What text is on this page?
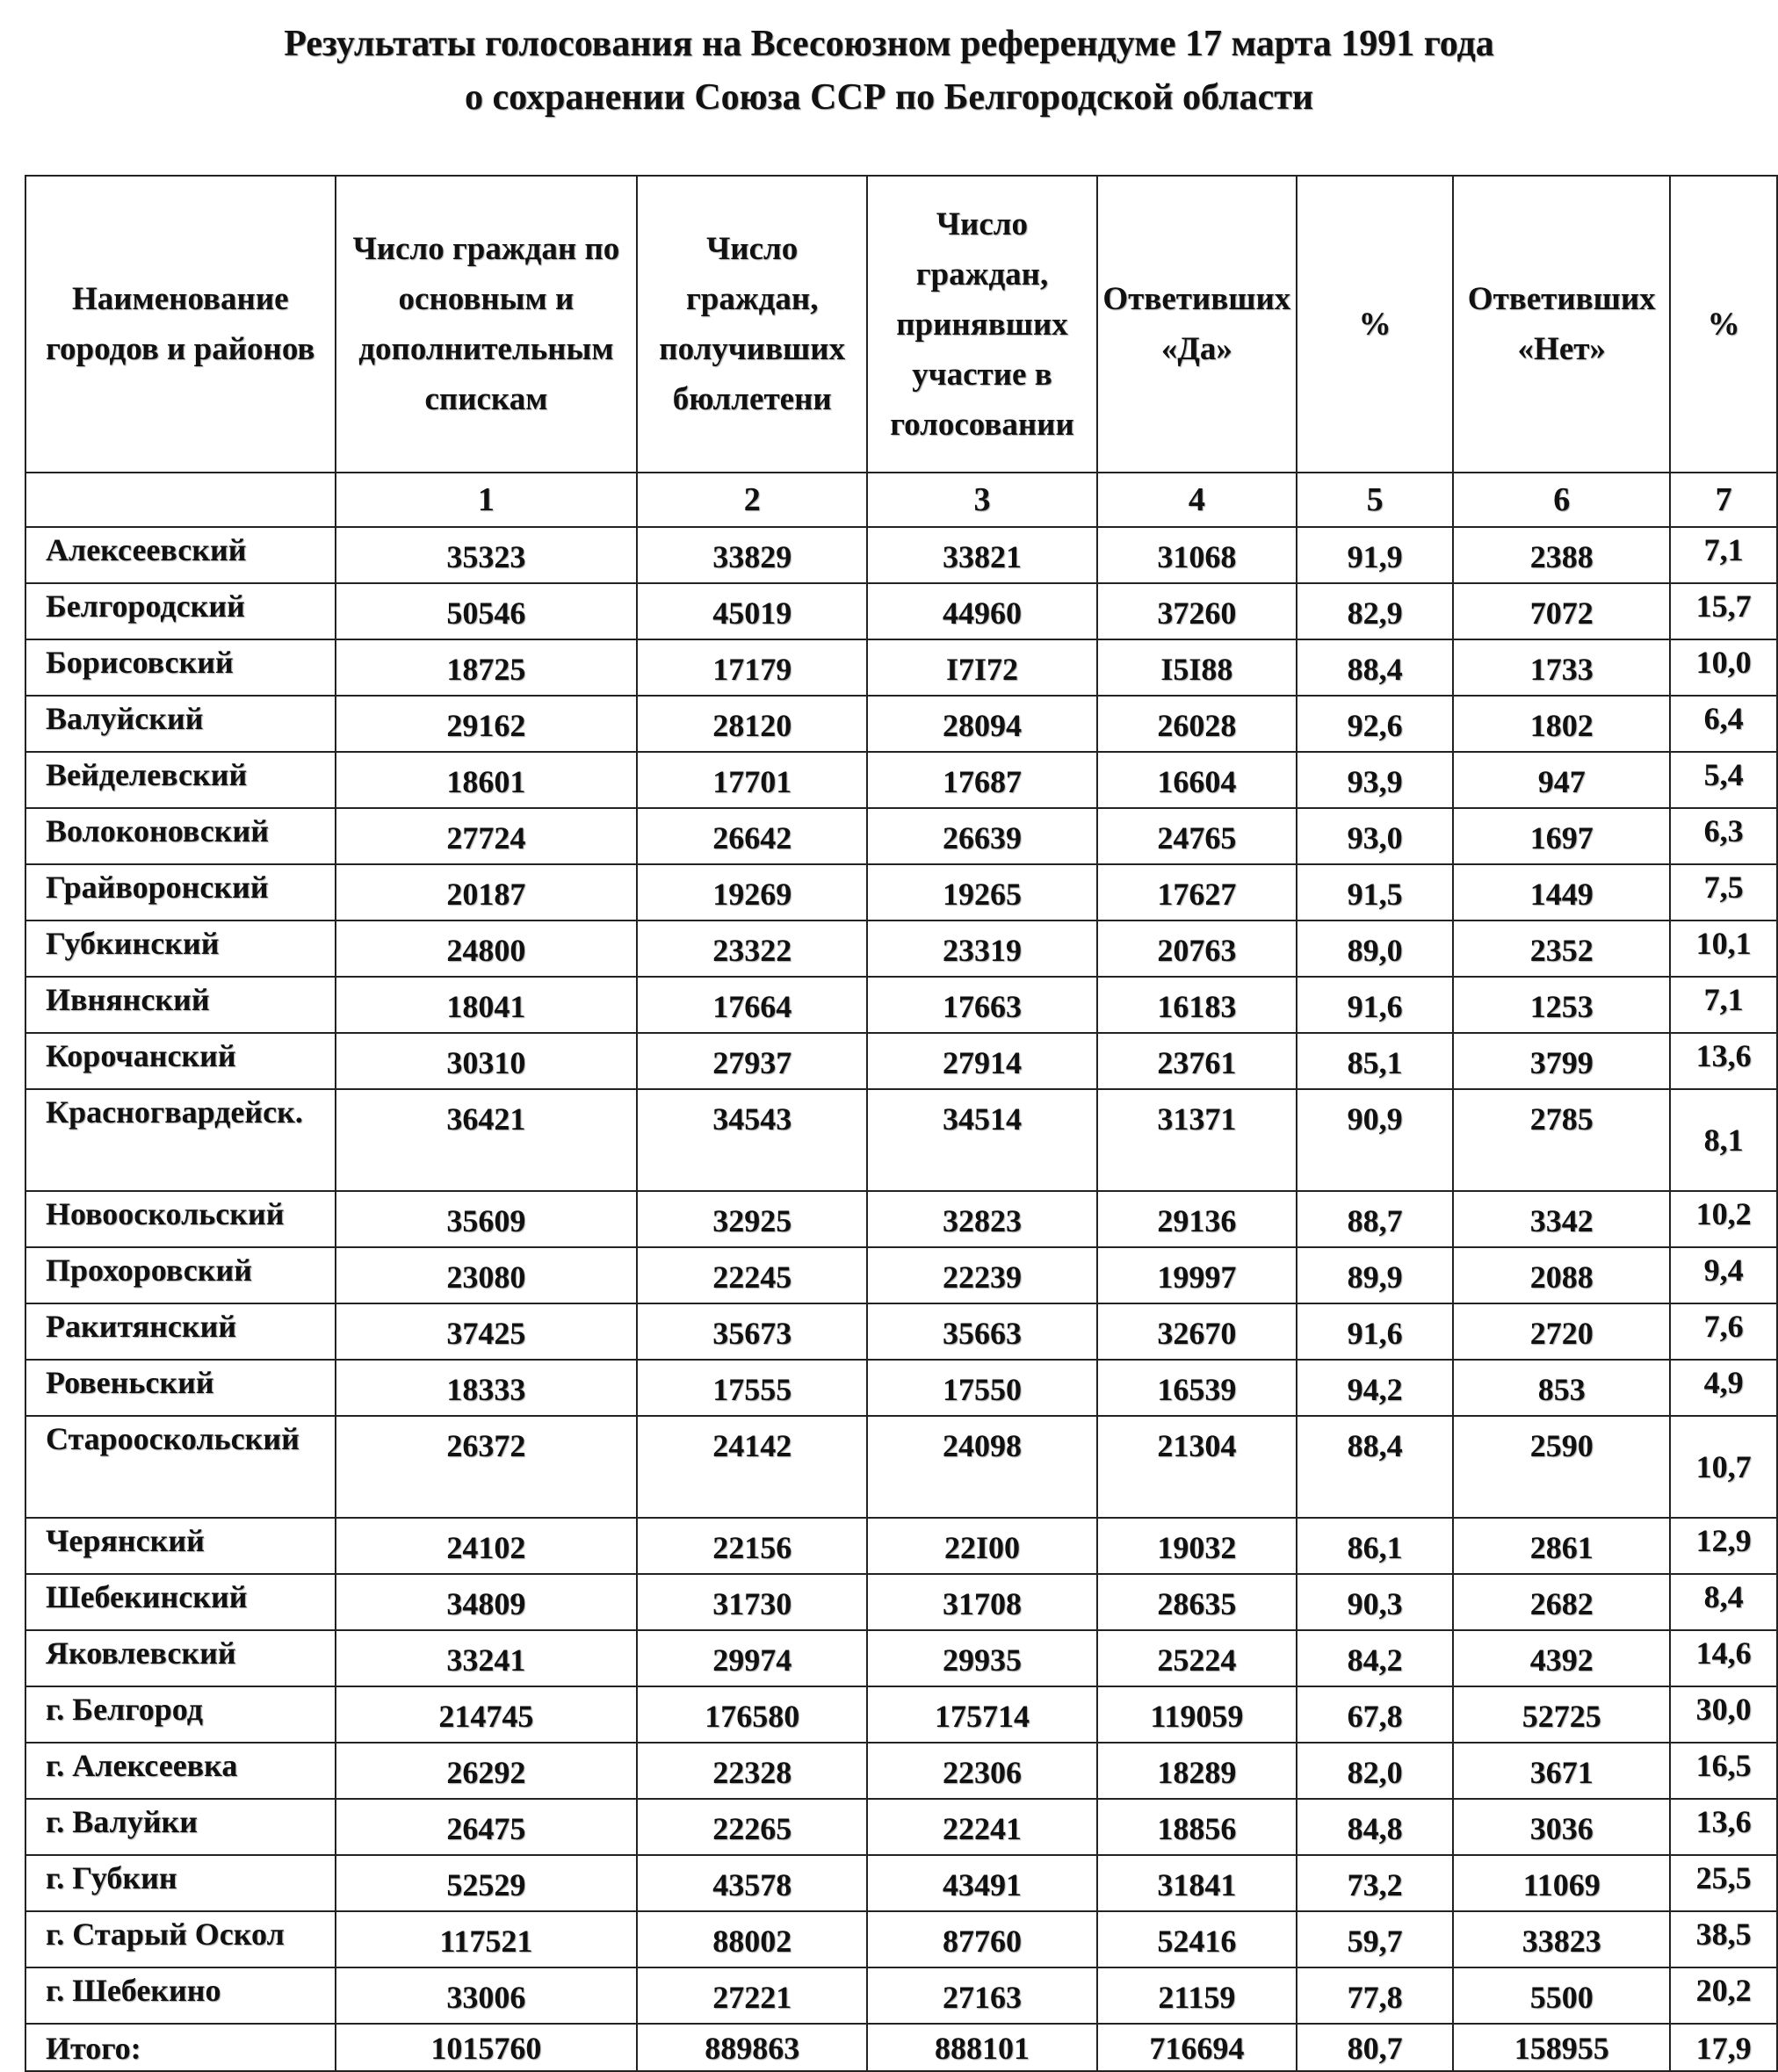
Результаты голосования на Всесоюзном референдуме 17 марта 1991 года
о сохранении Союза ССР по Белгородской области
Наименование городов и районов	Число граждан по основным и дополнительным спискам	Число граждан, получивших бюллетени	Число граждан, принявших участие в голосовании	Ответивших «Да»	%	Ответивших «Нет»	%
	1	2	3	4	5	6	7
Алексеевский	35323	33829	33821	31068	91,9	2388	7,1
Белгородский	50546	45019	44960	37260	82,9	7072	15,7
Борисовский	18725	17179	I7I72	I5I88	88,4	1733	10,0
Валуйский	29162	28120	28094	26028	92,6	1802	6,4
Вейделевский	18601	17701	17687	16604	93,9	947	5,4
Волоконовский	27724	26642	26639	24765	93,0	1697	6,3
Грайворонский	20187	19269	19265	17627	91,5	1449	7,5
Губкинский	24800	23322	23319	20763	89,0	2352	10,1
Ивнянский	18041	17664	17663	16183	91,6	1253	7,1
Корочанский	30310	27937	27914	23761	85,1	3799	13,6
Красногвардейск.	36421	34543	34514	31371	90,9	2785	8,1
Новооскольский	35609	32925	32823	29136	88,7	3342	10,2
Прохоровский	23080	22245	22239	19997	89,9	2088	9,4
Ракитянский	37425	35673	35663	32670	91,6	2720	7,6
Ровеньский	18333	17555	17550	16539	94,2	853	4,9
Старооскольский	26372	24142	24098	21304	88,4	2590	10,7
Черянский	24102	22156	22I00	19032	86,1	2861	12,9
Шебекинский	34809	31730	31708	28635	90,3	2682	8,4
Яковлевский	33241	29974	29935	25224	84,2	4392	14,6
г. Белгород	214745	176580	175714	119059	67,8	52725	30,0
г. Алексеевка	26292	22328	22306	18289	82,0	3671	16,5
г. Валуйки	26475	22265	22241	18856	84,8	3036	13,6
г. Губкин	52529	43578	43491	31841	73,2	11069	25,5
г. Старый Оскол	117521	88002	87760	52416	59,7	33823	38,5
г. Шебекино	33006	27221	27163	21159	77,8	5500	20,2
Итого:	1015760	889863	888101	716694	80,7	158955	17,9
